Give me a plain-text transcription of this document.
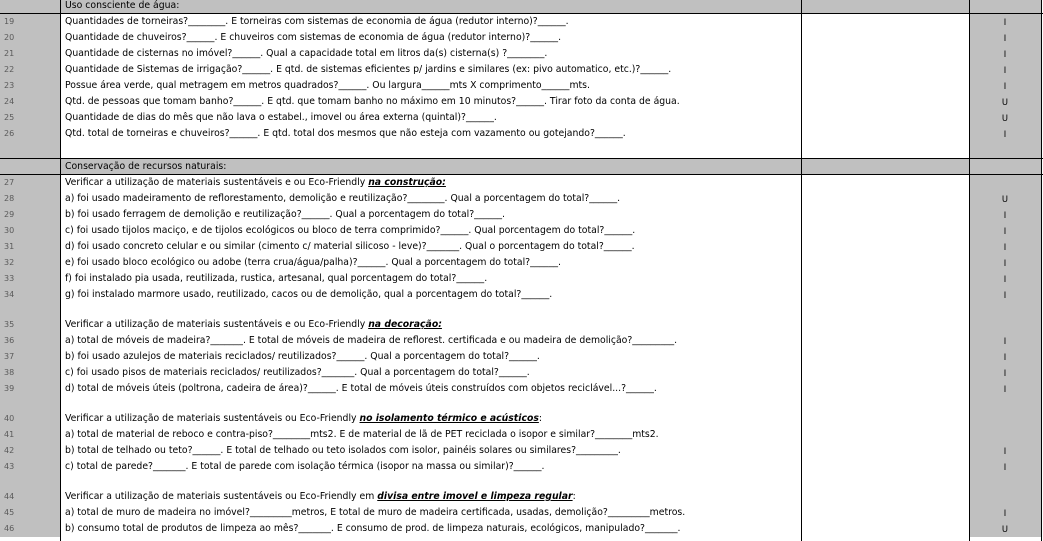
Uso consciente de água:
19	Quantidades de torneiras?________. E torneiras com sistemas de economia de água (redutor interno)?______.	I
20	Quantidade de chuveiros?______. E chuveiros com sistemas de economia de água (redutor interno)?______.	I
21	Quantidade de cisternas no imóvel?______. Qual a capacidade total em litros da(s) cisterna(s) ?________.	I
22	Quantidade de Sistemas de irrigação?______. E qtd. de sistemas eficientes p/ jardins e similares (ex: pivo automatico, etc.)?______.	I
23	Possue área verde, qual metragem em metros quadrados?______. Ou largura______mts X comprimento______mts.	I
24	Qtd. de pessoas que tomam banho?______. E qtd. que tomam banho no máximo em 10 minutos?______. Tirar foto da conta de água.	U
25	Quantidade de dias do mês que não lava o estabel., imovel ou área externa (quintal)?______.	U
26	Qtd. total de torneiras e chuveiros?______. E qtd. total dos mesmos que não esteja com vazamento ou gotejando?______.	I
Conservação de recursos naturais:
27	Verificar a utilização de materiais sustentáveis e ou Eco-Friendly na construção:
28	a) foi usado madeiramento de reflorestamento, demolição e reutilização?________. Qual a porcentagem do total?______.	U
29	b) foi usado ferragem de demolição e reutilização?______. Qual a porcentagem do total?______.	I
30	c) foi usado tijolos maciço, e de tijolos ecológicos ou bloco de terra comprimido?______. Qual porcentagem do total?______.	I
31	d) foi usado concreto celular e ou similar (cimento c/ material silicoso - leve)?_______. Qual o porcentagem do total?______.	I
32	e) foi usado bloco ecológico ou adobe (terra crua/água/palha)?______. Qual a porcentagem do total?______.	I
33	f) foi instalado pia usada, reutilizada, rustica, artesanal, qual porcentagem do total?______.	I
34	g) foi instalado marmore usado, reutilizado, cacos ou de demolição, qual a porcentagem do total?______.	I
35	Verificar a utilização de materiais sustentáveis e ou Eco-Friendly na decoração:
36	a) total de móveis de madeira?_______. E total de móveis de madeira de reflorest. certificada e ou madeira de demolição?_________.	I
37	b) foi usado azulejos de materiais reciclados/ reutilizados?______. Qual a porcentagem do total?______.	I
38	c) foi usado pisos de materiais reciclados/ reutilizados?_______. Qual a porcentagem do total?______.	I
39	d) total de móveis úteis (poltrona, cadeira de área)?______. E total de móveis úteis construídos com objetos reciclável...?______.	I
40	Verificar a utilização de materiais sustentáveis ou Eco-Friendly no isolamento térmico e acústicos:
41	a) total de material de reboco e contra-piso?________mts2. E de material de lã de PET reciclada o isopor e similar?________mts2.
42	b) total de telhado ou teto?______. E total de telhado ou teto isolados com isolor, painéis solares ou similares?_________.	I
43	c) total de parede?_______. E total de parede com isolação térmica (isopor na massa ou similar)?______.	I
44	Verificar a utilização de materiais sustentáveis ou Eco-Friendly em divisa entre imovel e limpeza regular:
45	a) total de muro de madeira no imóvel?_________metros, E total de muro de madeira certificada, usadas, demolição?_________metros.	I
46	b) consumo total de produtos de limpeza ao mês?_______. E consumo de prod. de limpeza naturais, ecológicos, manipulado?_______.	U
